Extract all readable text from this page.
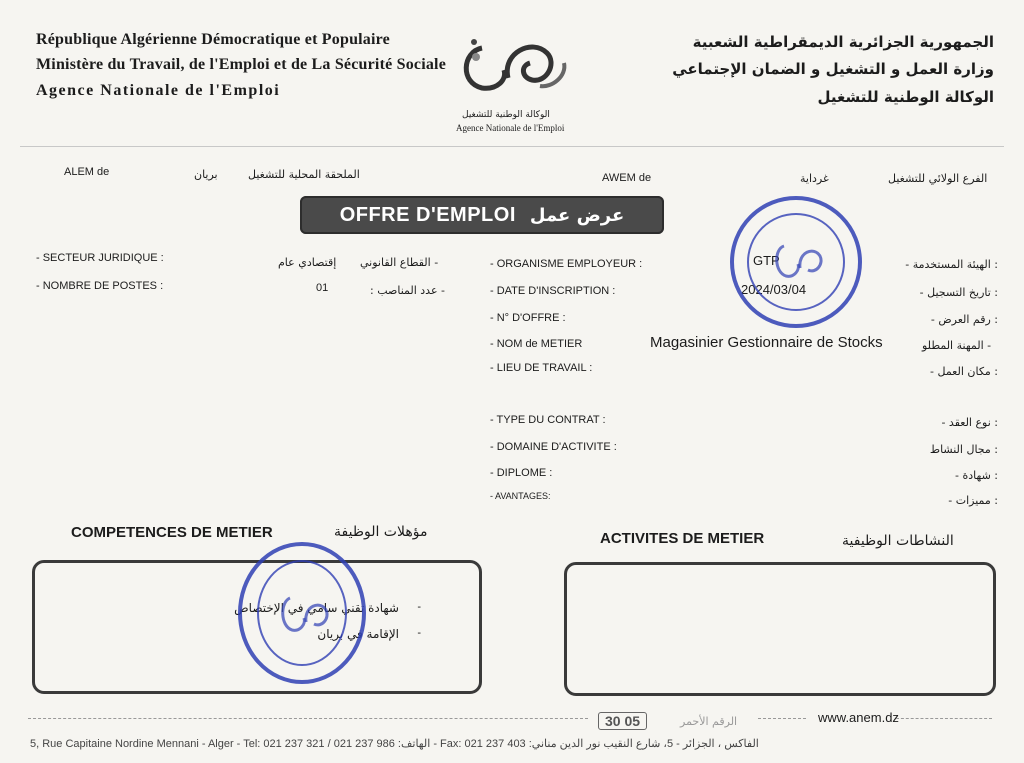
République Algérienne Démocratique et Populaire
Ministère du Travail, de l'Emploi et de La Sécurité Sociale
Agence Nationale de l'Emploi
الجمهورية الجزائرية الديمقراطية الشعبية
وزارة العمل و التشغيل و الضمان الإجتماعي
الوكالة الوطنية للتشغيل
الوكالة الوطنية للتشغيل
Agence Nationale de l'Emploi
ALEM de	بريان	الملحقة المحلية للتشغيل	AWEM de	غرداية	الفرع الولائي للتشغيل
OFFRE D'EMPLOI عرض عمل
- SECTEUR JURIDIQUE :	إقتصادي عام - القطاع القانوني
- NOMBRE DE POSTES :	01	- عدد المناصب :
- ORGANISME EMPLOYEUR :	GTP	: الهيئة المستخدمة -
- DATE D'INSCRIPTION :	2024/03/04	: تاريخ التسجيل -
- N° D'OFFRE :	: رقم العرض -
- NOM de METIER	Magasinier Gestionnaire de Stocks	- المهنة المطلو
- LIEU DE TRAVAIL :	: مكان العمل -
- TYPE DU CONTRAT :	: نوع العقد -
- DOMAINE D'ACTIVITE :	: مجال النشاط
- DIPLOME :	: شهادة -
- AVANTAGES:	: مميزات -
COMPETENCES DE METIER	مؤهلات الوظيفة
شهادة تقني سامي في الإختصاص -
الإقامة في بريان -
ACTIVITES DE METIER	النشاطات الوظيفية
30 05	الرقم الأحمر	www.anem.dz
5, Rue Capitaine Nordine Mennani - Alger - Tel: 021 237 321 / 021 237 986 :الهاتف - Fax: 021 237 403 :الفاكس ، الجزائر - 5، شارع النقيب نور الدين مناني
